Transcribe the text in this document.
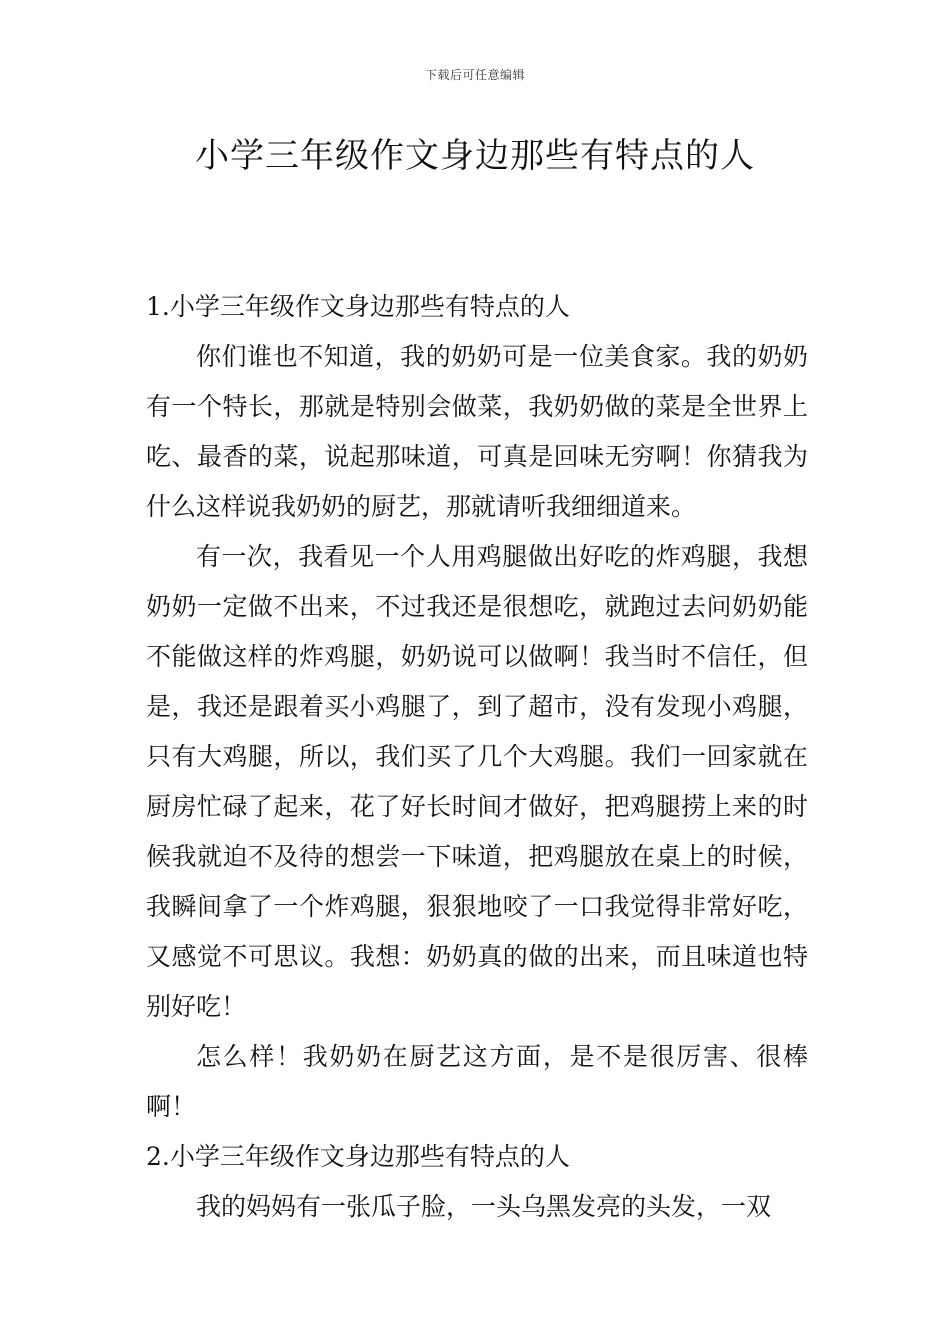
下载后可任意编辑
小学三年级作文身边那些有特点的人
1.小学三年级作文身边那些有特点的人

你们谁也不知道，我的奶奶可是一位美食家。我的奶奶有一个特长，那就是特别会做菜，我奶奶做的菜是全世界上吃、最香的菜，说起那味道，可真是回味无穷啊！你猜我为什么这样说我奶奶的厨艺，那就请听我细细道来。

有一次，我看见一个人用鸡腿做出好吃的炸鸡腿，我想奶奶一定做不出来，不过我还是很想吃，就跑过去问奶奶能不能做这样的炸鸡腿，奶奶说可以做啊！我当时不信任，但是，我还是跟着买小鸡腿了，到了超市，没有发现小鸡腿，只有大鸡腿，所以，我们买了几个大鸡腿。我们一回家就在厨房忙碌了起来，花了好长时间才做好，把鸡腿捞上来的时候我就迫不及待的想尝一下味道，把鸡腿放在桌上的时候，我瞬间拿了一个炸鸡腿，狠狠地咬了一口我觉得非常好吃，又感觉不可思议。我想：奶奶真的做的出来，而且味道也特别好吃！

怎么样！我奶奶在厨艺这方面，是不是很厉害、很棒啊！

2.小学三年级作文身边那些有特点的人

我的妈妈有一张瓜子脸，一头乌黑发亮的头发，一双
